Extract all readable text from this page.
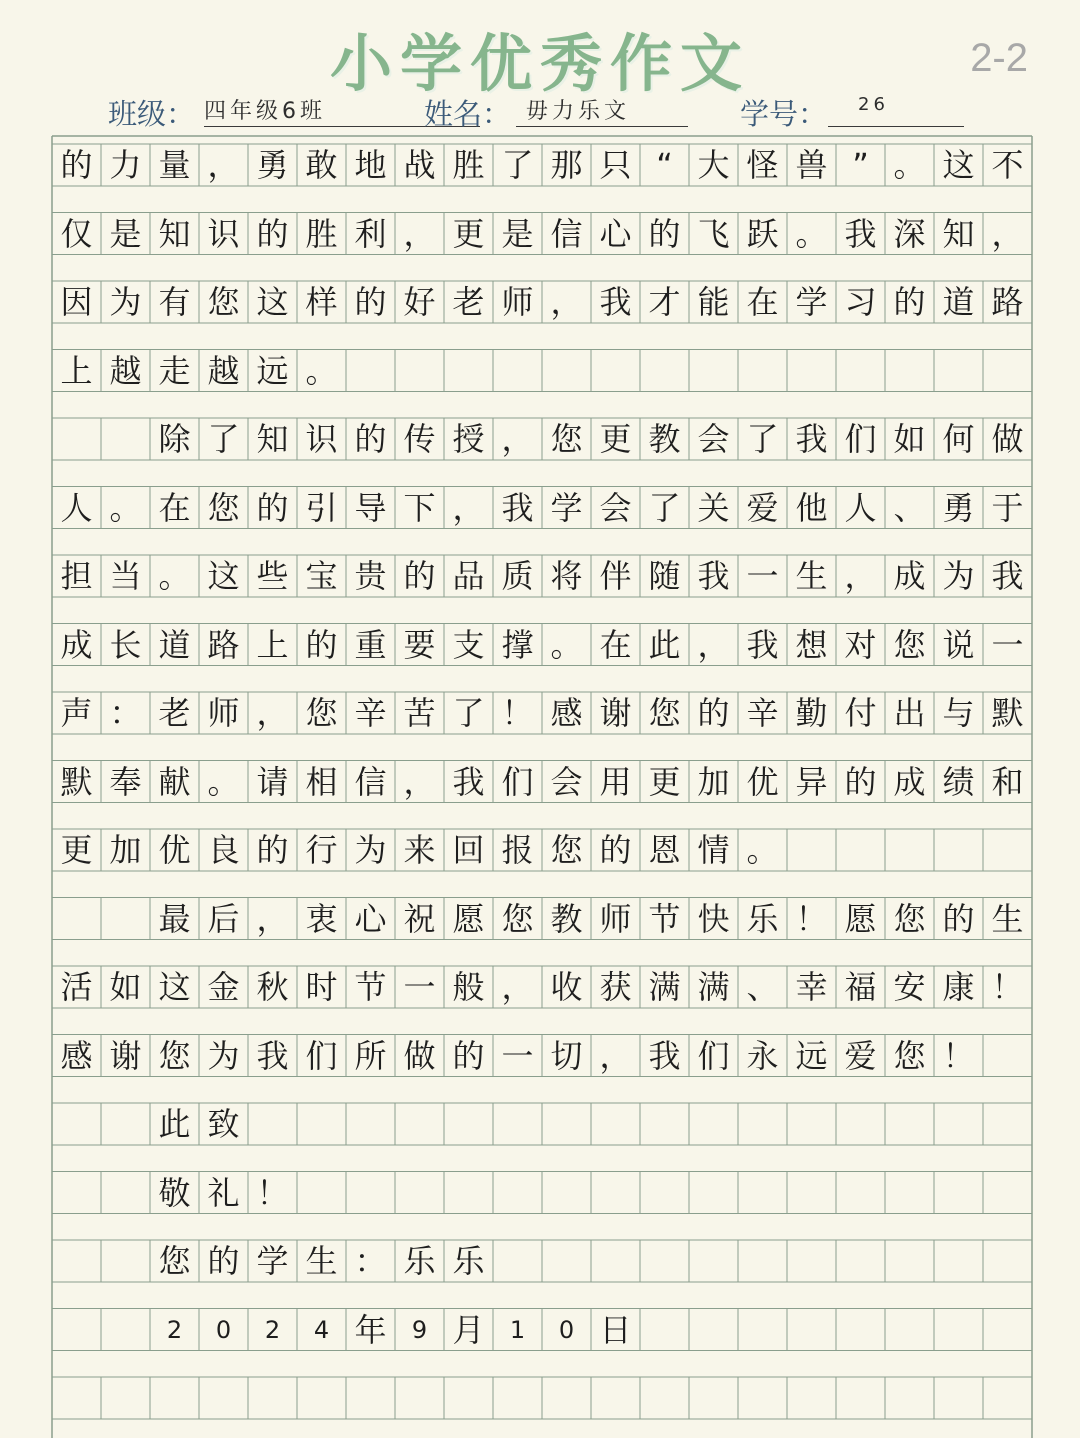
小学优秀作文	2-2
班级： 四年级6班	姓名： 毋力乐文	学号： 26
的 力 量 ， 勇 敢 地 战 胜 了 那 只 “ 大 怪 兽 ” 。 这 不
仅 是 知 识 的 胜 利 ， 更 是 信 心 的 飞 跃 。 我 深 知 ，
因 为 有 您 这 样 的 好 老 师 ， 我 才 能 在 学 习 的 道 路
上 越 走 越 远 。
除 了 知 识 的 传 授 ， 您 更 教 会 了 我 们 如 何 做
人 。 在 您 的 引 导 下 ， 我 学 会 了 关 爱 他 人 、 勇 于
担 当 。 这 些 宝 贵 的 品 质 将 伴 随 我 一 生 ， 成 为 我
成 长 道 路 上 的 重 要 支 撑 。 在 此 ， 我 想 对 您 说 一
声 ： 老 师 ， 您 辛 苦 了 ！ 感 谢 您 的 辛 勤 付 出 与 默
默 奉 献 。 请 相 信 ， 我 们 会 用 更 加 优 异 的 成 绩 和
更 加 优 良 的 行 为 来 回 报 您 的 恩 情 。
最 后 ， 衷 心 祝 愿 您 教 师 节 快 乐 ！ 愿 您 的 生
活 如 这 金 秋 时 节 一 般 ， 收 获 满 满 、 幸 福 安 康 ！
感 谢 您 为 我 们 所 做 的 一 切 ， 我 们 永 远 爱 您 ！
此 致
敬 礼 ！
您 的 学 生 ： 乐 乐
2	0	2	4 年	9 月	1	0 日
